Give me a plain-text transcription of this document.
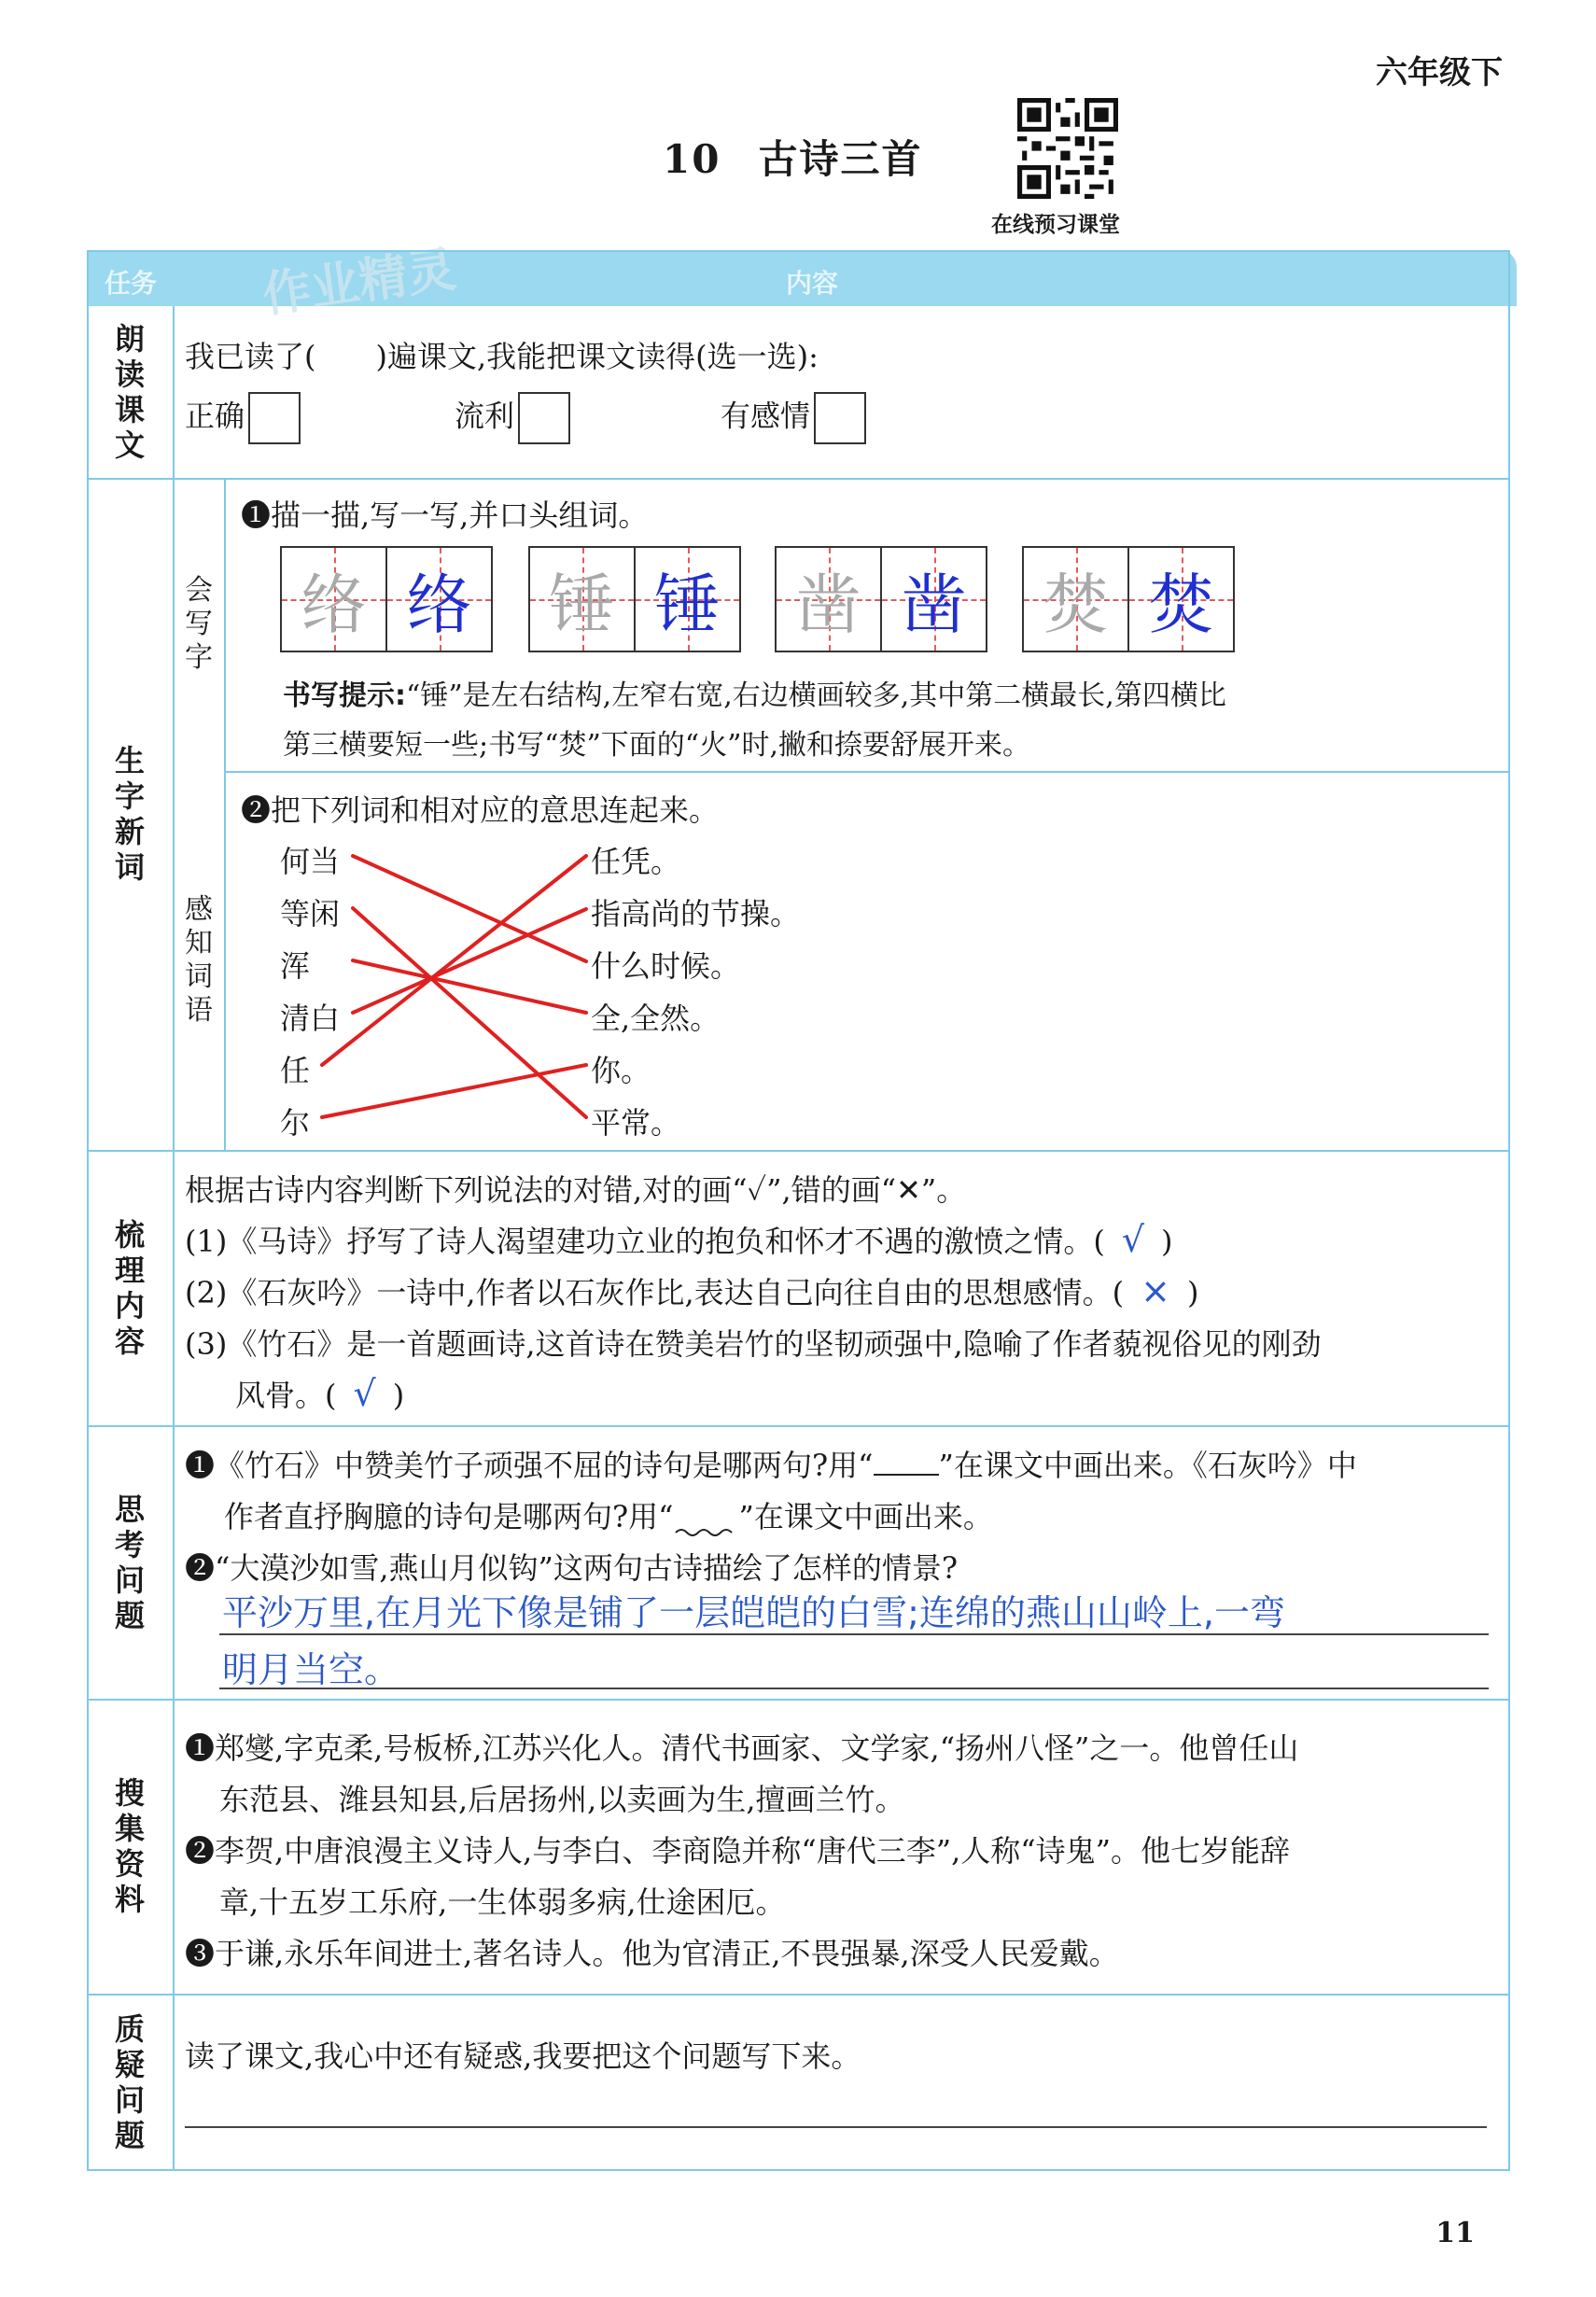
六年级下
10 古诗三首
在线预习课堂
任务	内容
作业精灵
朗
读
课
文
我已读了(　　)遍课文,我能把课文读得(选一选):
正确	流利	有感情
生
字
新
词
会
写
字
❶描一描,写一写,并口头组词。
络 络 锤 锤 凿 凿 焚 焚
书写提示:“锤”是左右结构,左窄右宽,右边横画较多,其中第二横最长,第四横比
第三横要短一些;书写“焚”下面的“火”时,撇和捺要舒展开来。
感
知
词
语
❷把下列词和相对应的意思连起来。
何当
等闲
浑
清白
任
尔
任凭。
指高尚的节操。
什么时候。
全,全然。
你。
平常。
梳
理
内
容
根据古诗内容判断下列说法的对错,对的画“✓”,错的画“✕”。
(1)《马诗》抒写了诗人渴望建功立业的抱负和怀才不遇的激愤之情。( √ )
(2)《石灰吟》一诗中,作者以石灰作比,表达自己向往自由的思想感情。( × )
(3)《竹石》是一首题画诗,这首诗在赞美岩竹的坚韧顽强中,隐喻了作者藐视俗见的刚劲
风骨。( √ )
思
考
问
题
❶《竹石》中赞美竹子顽强不屈的诗句是哪两句?用“ ”在课文中画出来。《石灰吟》中
作者直抒胸臆的诗句是哪两句?用“ ”在课文中画出来。
❷“大漠沙如雪,燕山月似钩”这两句古诗描绘了怎样的情景?
平沙万里,在月光下像是铺了一层皑皑的白雪;连绵的燕山山岭上,一弯
明月当空。
搜
集
资
料
❶郑燮,字克柔,号板桥,江苏兴化人。清代书画家、文学家,“扬州八怪”之一。他曾任山
东范县、潍县知县,后居扬州,以卖画为生,擅画兰竹。
❷李贺,中唐浪漫主义诗人,与李白、李商隐并称“唐代三李”,人称“诗鬼”。他七岁能辞
章,十五岁工乐府,一生体弱多病,仕途困厄。
❸于谦,永乐年间进士,著名诗人。他为官清正,不畏强暴,深受人民爱戴。
质
疑
问
题
读了课文,我心中还有疑惑,我要把这个问题写下来。
11
